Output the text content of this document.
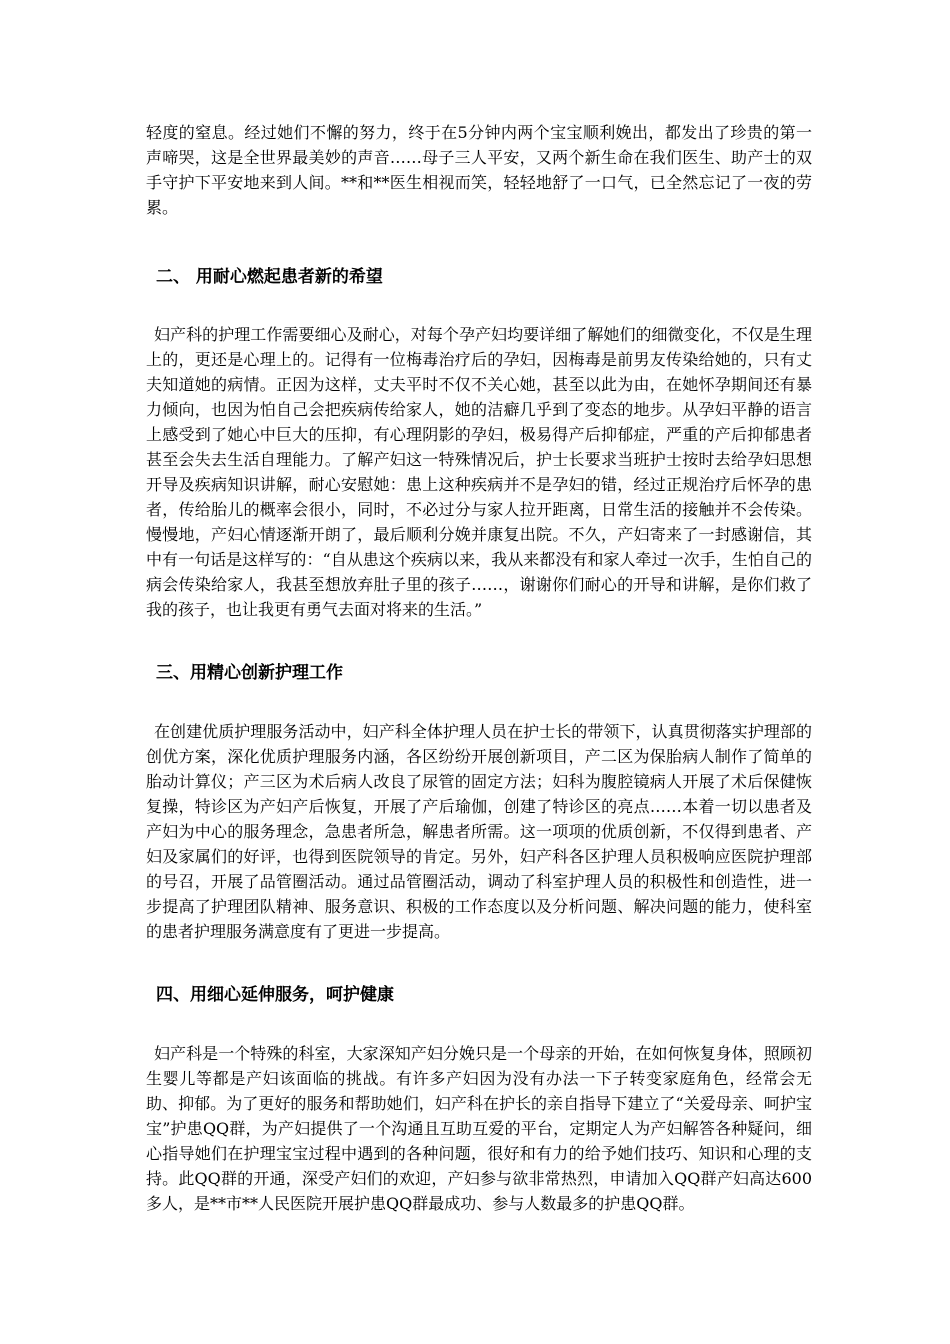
轻度的窒息。经过她们不懈的努力，终于在5分钟内两个宝宝顺利娩出，都发出了珍贵的第一声啼哭，这是全世界最美妙的声音……母子三人平安，又两个新生命在我们医生、助产士的双手守护下平安地来到人间。**和**医生相视而笑，轻轻地舒了一口气，已全然忘记了一夜的劳累。

二、 用耐心燃起患者新的希望

妇产科的护理工作需要细心及耐心，对每个孕产妇均要详细了解她们的细微变化，不仅是生理上的，更还是心理上的。记得有一位梅毒治疗后的孕妇，因梅毒是前男友传染给她的，只有丈夫知道她的病情。正因为这样，丈夫平时不仅不关心她，甚至以此为由，在她怀孕期间还有暴力倾向，也因为怕自己会把疾病传给家人，她的洁癖几乎到了变态的地步。从孕妇平静的语言上感受到了她心中巨大的压抑，有心理阴影的孕妇，极易得产后抑郁症，严重的产后抑郁患者甚至会失去生活自理能力。了解产妇这一特殊情况后，护士长要求当班护士按时去给孕妇思想开导及疾病知识讲解，耐心安慰她：患上这种疾病并不是孕妇的错，经过正规治疗后怀孕的患者，传给胎儿的概率会很小，同时，不必过分与家人拉开距离，日常生活的接触并不会传染。慢慢地，产妇心情逐渐开朗了，最后顺利分娩并康复出院。不久，产妇寄来了一封感谢信，其中有一句话是这样写的：“自从患这个疾病以来，我从来都没有和家人牵过一次手，生怕自己的病会传染给家人，我甚至想放弃肚子里的孩子……，谢谢你们耐心的开导和讲解，是你们救了我的孩子，也让我更有勇气去面对将来的生活。”

三、用精心创新护理工作

在创建优质护理服务活动中，妇产科全体护理人员在护士长的带领下，认真贯彻落实护理部的创优方案，深化优质护理服务内涵，各区纷纷开展创新项目，产二区为保胎病人制作了简单的胎动计算仪；产三区为术后病人改良了尿管的固定方法；妇科为腹腔镜病人开展了术后保健恢复操，特诊区为产妇产后恢复，开展了产后瑜伽，创建了特诊区的亮点……本着一切以患者及产妇为中心的服务理念，急患者所急，解患者所需。这一项项的优质创新，不仅得到患者、产妇及家属们的好评，也得到医院领导的肯定。另外，妇产科各区护理人员积极响应医院护理部的号召，开展了品管圈活动。通过品管圈活动，调动了科室护理人员的积极性和创造性，进一步提高了护理团队精神、服务意识、积极的工作态度以及分析问题、解决问题的能力，使科室的患者护理服务满意度有了更进一步提高。

四、用细心延伸服务，呵护健康

妇产科是一个特殊的科室，大家深知产妇分娩只是一个母亲的开始，在如何恢复身体，照顾初生婴儿等都是产妇该面临的挑战。有许多产妇因为没有办法一下子转变家庭角色，经常会无助、抑郁。为了更好的服务和帮助她们，妇产科在护长的亲自指导下建立了“关爱母亲、呵护宝宝”护患QQ群，为产妇提供了一个沟通且互助互爱的平台，定期定人为产妇解答各种疑问，细心指导她们在护理宝宝过程中遇到的各种问题，很好和有力的给予她们技巧、知识和心理的支持。此QQ群的开通，深受产妇们的欢迎，产妇参与欲非常热烈，申请加入QQ群产妇高达600多人，是**市**人民医院开展护患QQ群最成功、参与人数最多的护患QQ群。
